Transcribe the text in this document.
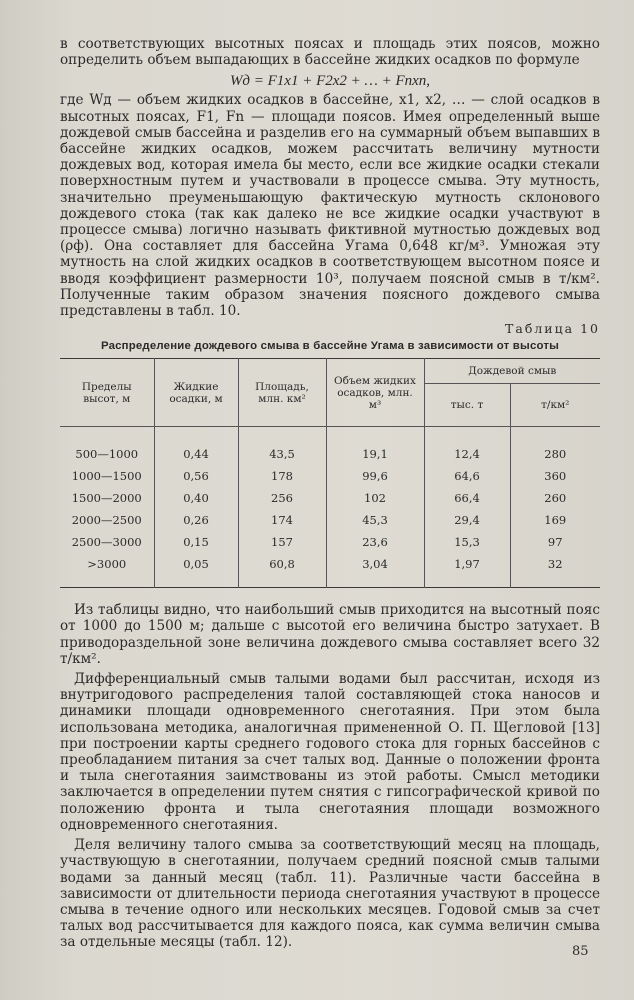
в соответствующих высотных поясах и площадь этих поясов, можно определить объем выпадающих в бассейне жидких осадков по формуле

Wд = F1x1 + F2x2 + … + Fnxn,

где Wд — объем жидких осадков в бассейне, x1, x2, … — слой осадков в высотных поясах, F1, Fn — площади поясов. Имея определенный выше дождевой смыв бассейна и разделив его на суммарный объем выпавших в бассейне жидких осадков, можем рассчитать величину мутности дождевых вод, которая имела бы место, если все жидкие осадки стекали поверхностным путем и участвовали в процессе смыва. Эту мутность, значительно преуменьшающую фактическую мутность склонового дождевого стока (так как далеко не все жидкие осадки участвуют в процессе смыва) логично называть фиктивной мутностью дождевых вод (ρф). Она составляет для бассейна Угама 0,648 кг/м³. Умножая эту мутность на слой жидких осадков в соответствующем высотном поясе и вводя коэффициент размерности 10³, получаем поясной смыв в т/км². Полученные таким образом значения поясного дождевого смыва представлены в табл. 10.

Таблица 10
Распределение дождевого смыва в бассейне Угама в зависимости от высоты
Пределы высот, м	Жидкие осадки, м	Площадь, млн. км²	Объем жидких осадков, млн. м³	Дождевой смыв	
				тыс. т	т/км²
500—1000	0,44	43,5	19,1	12,4	280
1000—1500	0,56	178	99,6	64,6	360
1500—2000	0,40	256	102	66,4	260
2000—2500	0,26	174	45,3	29,4	169
2500—3000	0,15	157	23,6	15,3	97
>3000	0,05	60,8	3,04	1,97	32

Из таблицы видно, что наибольший смыв приходится на высотный пояс от 1000 до 1500 м; дальше с высотой его величина быстро затухает. В приводораздельной зоне величина дождевого смыва составляет всего 32 т/км².

Дифференциальный смыв талыми водами был рассчитан, исходя из внутригодового распределения талой составляющей стока наносов и динамики площади одновременного снеготаяния. При этом была использована методика, аналогичная примененной О. П. Щегловой [13] при построении карты среднего годового стока для горных бассейнов с преобладанием питания за счет талых вод. Данные о положении фронта и тыла снеготаяния заимствованы из этой работы. Смысл методики заключается в определении путем снятия с гипсографической кривой по положению фронта и тыла снеготаяния площади возможного одновременного снеготаяния.

Деля величину талого смыва за соответствующий месяц на площадь, участвующую в снеготаянии, получаем средний поясной смыв талыми водами за данный месяц (табл. 11). Различные части бассейна в зависимости от длительности периода снеготаяния участвуют в процессе смыва в течение одного или нескольких месяцев. Годовой смыв за счет талых вод рассчитывается для каждого пояса, как сумма величин смыва за отдельные месяцы (табл. 12).

85
